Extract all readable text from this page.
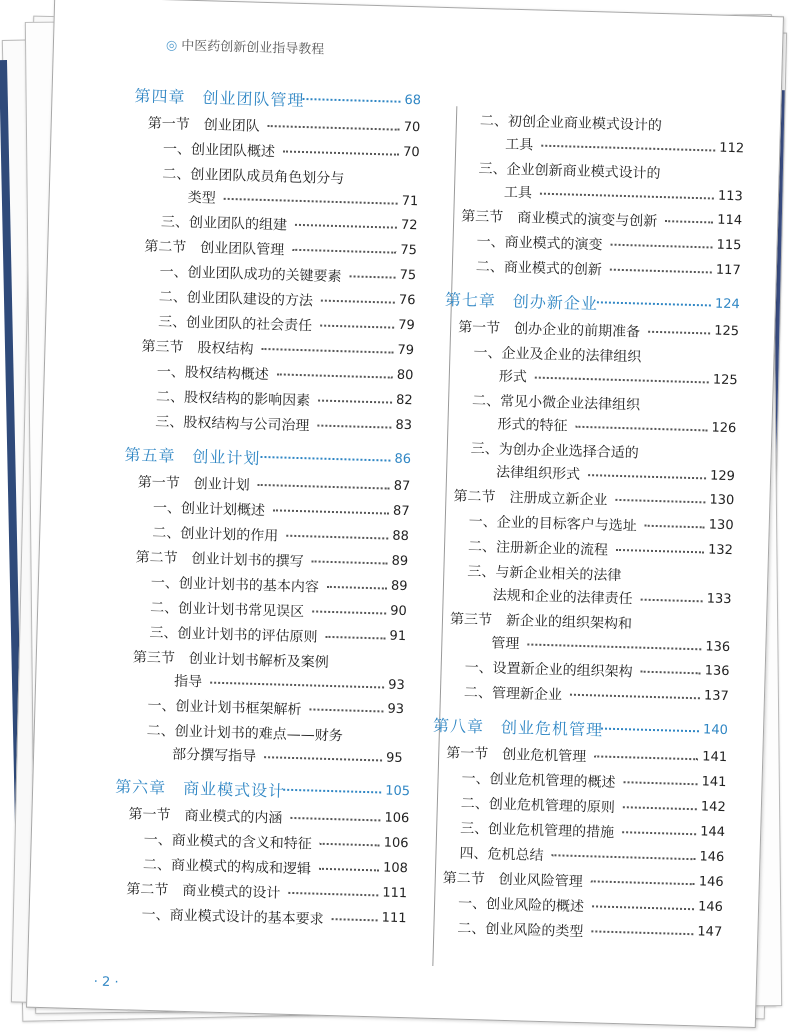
◎ 中医药创新创业指导教程
第四章　创业团队管理	68
第一节　创业团队	70
一、创业团队概述	70
二、创业团队成员角色划分与
类型	71
三、创业团队的组建	72
第二节　创业团队管理	75
一、创业团队成功的关键要素	75
二、创业团队建设的方法	76
三、创业团队的社会责任	79
第三节　股权结构	79
一、股权结构概述	80
二、股权结构的影响因素	82
三、股权结构与公司治理	83
第五章　创业计划	86
第一节　创业计划	87
一、创业计划概述	87
二、创业计划的作用	88
第二节　创业计划书的撰写	89
一、创业计划书的基本内容	89
二、创业计划书常见误区	90
三、创业计划书的评估原则	91
第三节　创业计划书解析及案例
指导	93
一、创业计划书框架解析	93
二、创业计划书的难点——财务
部分撰写指导	95
第六章　商业模式设计	105
第一节　商业模式的内涵	106
一、商业模式的含义和特征	106
二、商业模式的构成和逻辑	108
第二节　商业模式的设计	111
一、商业模式设计的基本要求	111
二、初创企业商业模式设计的
工具	112
三、企业创新商业模式设计的
工具	113
第三节　商业模式的演变与创新	114
一、商业模式的演变	115
二、商业模式的创新	117
第七章　创办新企业	124
第一节　创办企业的前期准备	125
一、企业及企业的法律组织
形式	125
二、常见小微企业法律组织
形式的特征	126
三、为创办企业选择合适的
法律组织形式	129
第二节　注册成立新企业	130
一、企业的目标客户与选址	130
二、注册新企业的流程	132
三、与新企业相关的法律
法规和企业的法律责任	133
第三节　新企业的组织架构和
管理	136
一、设置新企业的组织架构	136
二、管理新企业	137
第八章　创业危机管理	140
第一节　创业危机管理	141
一、创业危机管理的概述	141
二、创业危机管理的原则	142
三、创业危机管理的措施	144
四、危机总结	146
第二节　创业风险管理	146
一、创业风险的概述	146
二、创业风险的类型	147
· 2 ·
